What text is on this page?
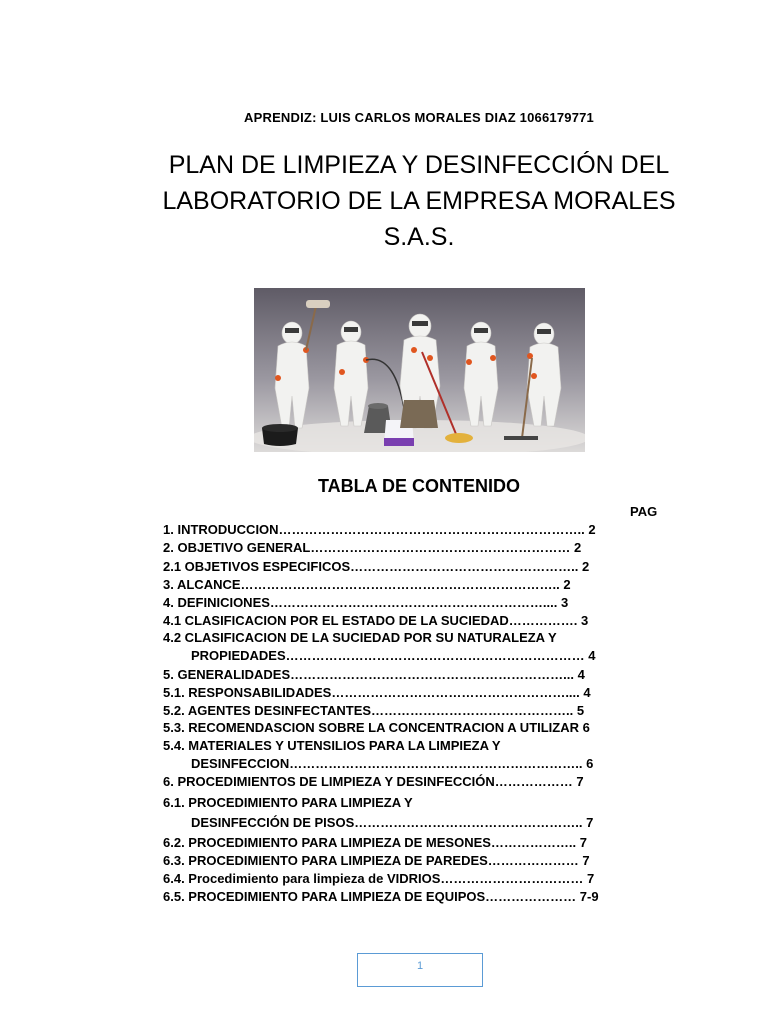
APRENDIZ: LUIS CARLOS MORALES DIAZ 1066179771
PLAN DE LIMPIEZA Y DESINFECCIÓN DEL
LABORATORIO DE LA EMPRESA MORALES
S.A.S.
TABLA DE CONTENIDO
PAG
1. INTRODUCCION…………………………………………………………….. 2
2. OBJETIVO GENERAL…………………………………………………… 2
2.1 OBJETIVOS ESPECIFICOS…………………………………………….. 2
3. ALCANCE……………………………………………………………….. 2
4. DEFINICIONES……………………………………………………….... 3
4.1 CLASIFICACION POR EL ESTADO DE LA SUCIEDAD……………. 3
4.2 CLASIFICACION DE LA SUCIEDAD POR SU NATURALEZA Y
PROPIEDADES…………………………………………………………… 4
5. GENERALIDADES………………………………………………………... 4
5.1. RESPONSABILIDADES……………………………………………….... 4
5.2. AGENTES DESINFECTANTES……………………………………….. 5
5.3. RECOMENDASCION SOBRE LA CONCENTRACION A UTILIZAR 6
5.4. MATERIALES Y UTENSILIOS PARA LA LIMPIEZA Y
DESINFECCION………………………………………………………….. 6
6. PROCEDIMIENTOS DE LIMPIEZA Y DESINFECCIÓN……………… 7
6.1. PROCEDIMIENTO PARA LIMPIEZA Y
DESINFECCIÓN DE PISOS…………………………………………….. 7
6.2. PROCEDIMIENTO PARA LIMPIEZA DE MESONES……………….. 7
6.3. PROCEDIMIENTO PARA LIMPIEZA DE PAREDES………………… 7
6.4. Procedimiento para limpieza de VIDRIOS…………………………… 7
6.5. PROCEDIMIENTO PARA LIMPIEZA DE EQUIPOS………………… 7-9
1
